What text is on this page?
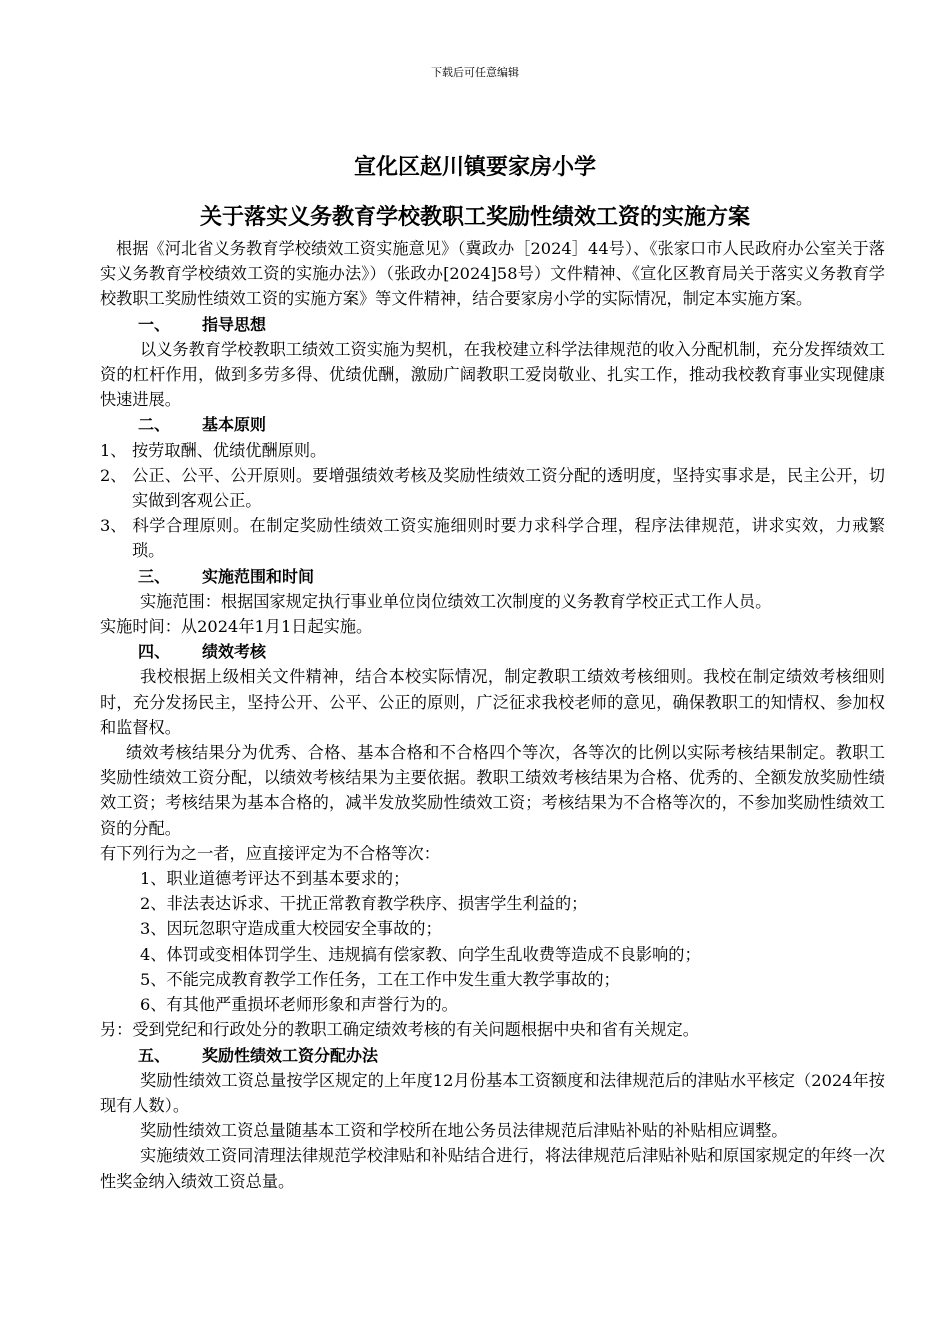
下载后可任意编辑
宣化区赵川镇要家房小学
关于落实义务教育学校教职工奖励性绩效工资的实施方案

根据《河北省义务教育学校绩效工资实施意见》（冀政办［2024］44号）、《张家口市人民政府办公室关于落实义务教育学校绩效工资的实施办法》）（张政办[2024]58号）文件精神、《宣化区教育局关于落实义务教育学校教职工奖励性绩效工资的实施方案》等文件精神，结合要家房小学的实际情况，制定本实施方案。

一、 指导思想

以义务教育学校教职工绩效工资实施为契机，在我校建立科学法律规范的收入分配机制，充分发挥绩效工资的杠杆作用，做到多劳多得、优绩优酬，激励广阔教职工爱岗敬业、扎实工作，推动我校教育事业实现健康快速进展。

二、 基本原则

1、 按劳取酬、优绩优酬原则。

2、 公正、公平、公开原则。要增强绩效考核及奖励性绩效工资分配的透明度，坚持实事求是，民主公开，切实做到客观公正。

3、 科学合理原则。在制定奖励性绩效工资实施细则时要力求科学合理，程序法律规范，讲求实效，力戒繁琐。

三、 实施范围和时间

实施范围：根据国家规定执行事业单位岗位绩效工次制度的义务教育学校正式工作人员。

实施时间：从2024年1月1日起实施。

四、 绩效考核

我校根据上级相关文件精神，结合本校实际情况，制定教职工绩效考核细则。我校在制定绩效考核细则时，充分发扬民主，坚持公开、公平、公正的原则，广泛征求我校老师的意见，确保教职工的知情权、参加权和监督权。

绩效考核结果分为优秀、合格、基本合格和不合格四个等次，各等次的比例以实际考核结果制定。教职工奖励性绩效工资分配，以绩效考核结果为主要依据。教职工绩效考核结果为合格、优秀的、全额发放奖励性绩效工资；考核结果为基本合格的，减半发放奖励性绩效工资；考核结果为不合格等次的，不参加奖励性绩效工资的分配。

有下列行为之一者，应直接评定为不合格等次：

1、职业道德考评达不到基本要求的；

2、非法表达诉求、干扰正常教育教学秩序、损害学生利益的；

3、因玩忽职守造成重大校园安全事故的；

4、体罚或变相体罚学生、违规搞有偿家教、向学生乱收费等造成不良影响的；

5、不能完成教育教学工作任务，工在工作中发生重大教学事故的；

6、有其他严重损坏老师形象和声誉行为的。

另：受到党纪和行政处分的教职工确定绩效考核的有关问题根据中央和省有关规定。

五、 奖励性绩效工资分配办法

奖励性绩效工资总量按学区规定的上年度12月份基本工资额度和法律规范后的津贴水平核定（2024年按现有人数）。

奖励性绩效工资总量随基本工资和学校所在地公务员法律规范后津贴补贴的补贴相应调整。

实施绩效工资同清理法律规范学校津贴和补贴结合进行，将法律规范后津贴补贴和原国家规定的年终一次性奖金纳入绩效工资总量。
